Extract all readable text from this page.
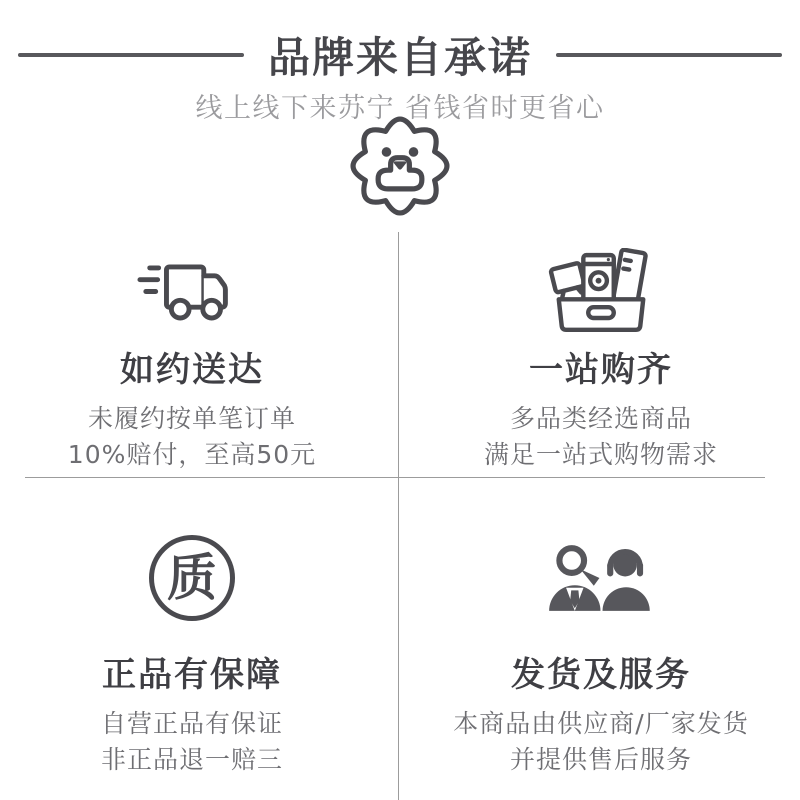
品牌来自承诺
线上线下来苏宁 省钱省时更省心
如约送达

未履约按单笔订单

10%赔付，至高50元

一站购齐

多品类经选商品

满足一站式购物需求

质
正品有保障

自营正品有保证

非正品退一赔三

发货及服务

本商品由供应商/厂家发货

并提供售后服务
